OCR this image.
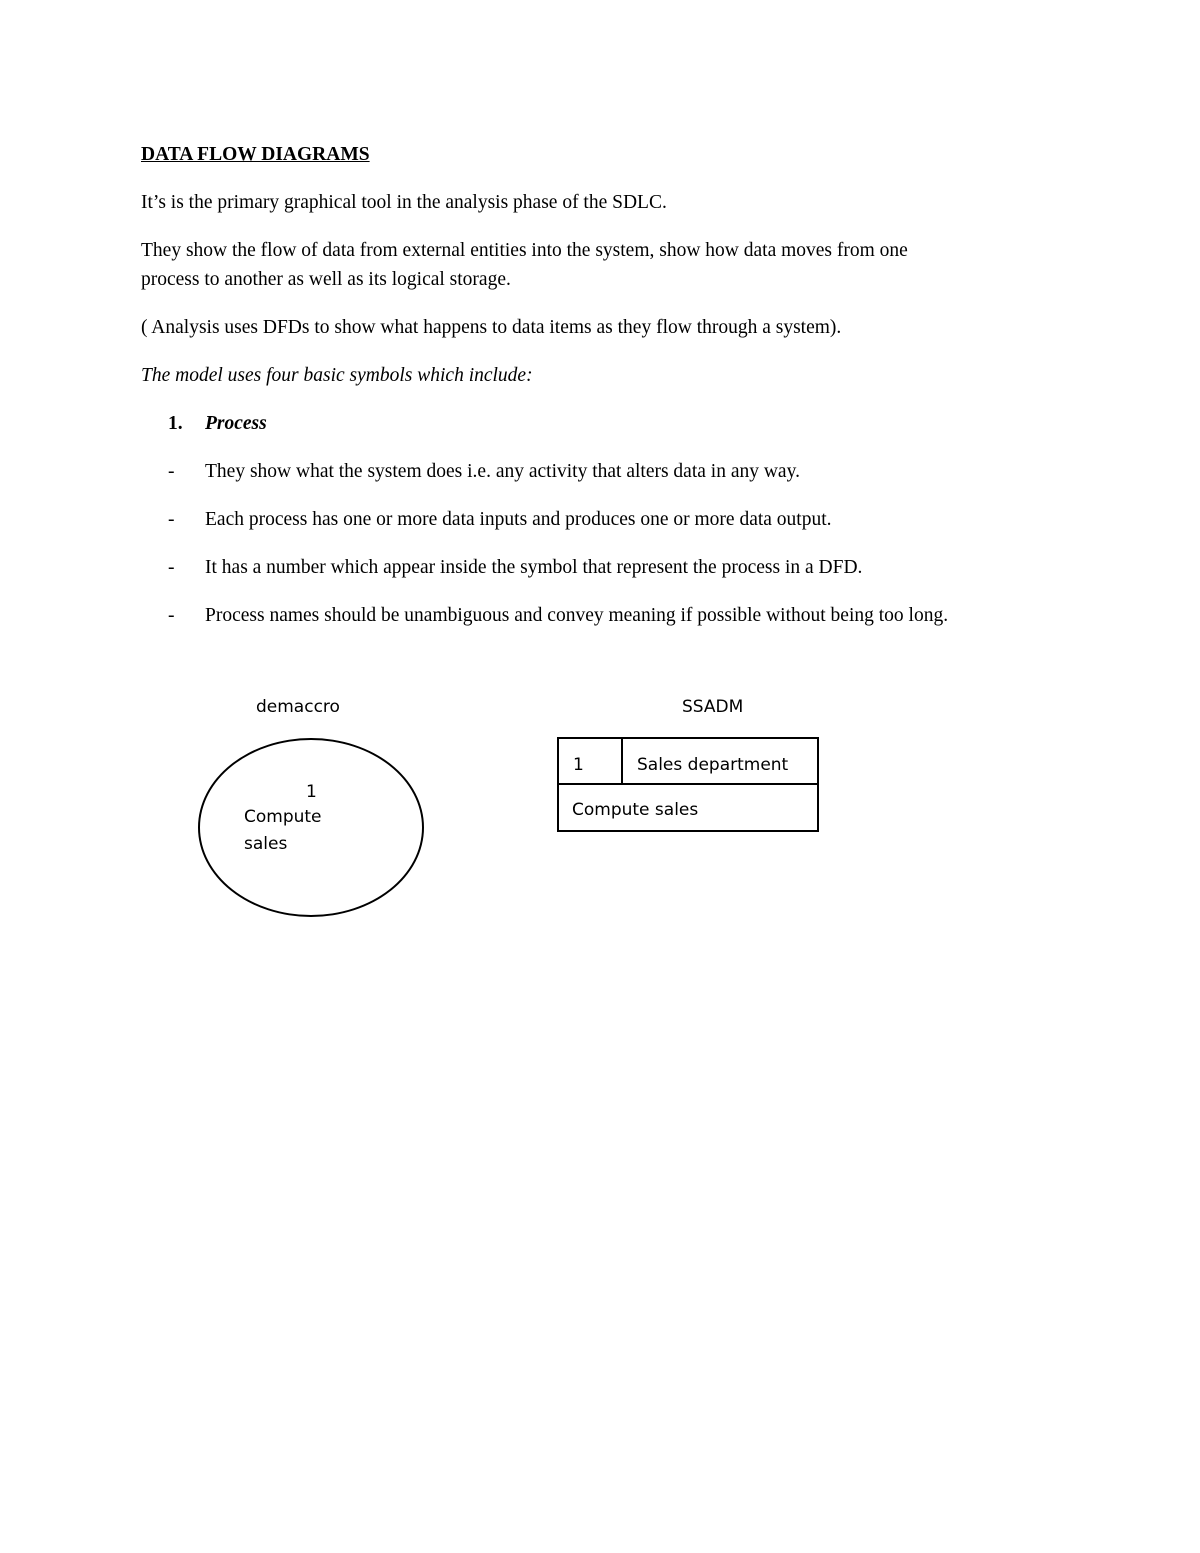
DATA FLOW DIAGRAMS
It’s is the primary graphical tool in the analysis phase of the SDLC.
They show the flow of data from external entities into the system, show how data moves from one
process to another as well as its logical storage.
( Analysis uses DFDs to show what happens to data items as they flow through a system).
The model uses four basic symbols which include:
1. Process
- They show what the system does i.e. any activity that alters data in any way.
- Each process has one or more data inputs and produces one or more data output.
- It has a number which appear inside the symbol that represent the process in a DFD.
- Process names should be unambiguous and convey meaning if possible without being too long.
demaccro
1
Compute
sales
SSADM
1	Sales department
Compute sales
